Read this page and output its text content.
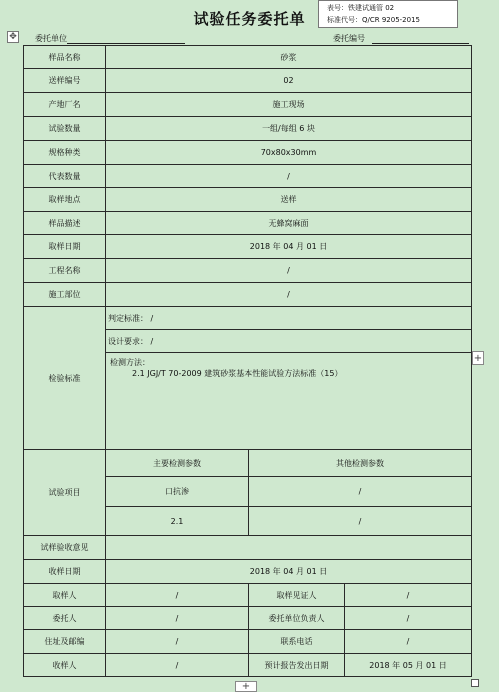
试验任务委托单
表号：铁建试通管 02
标准代号：Q/CR 9205-2015
✥ 委托单位	委托编号
样品名称	砂浆		
送样编号	02		
产地厂名	施工现场		
试验数量	一组/每组 6 块		
规格种类	70x80x30mm		
代表数量	/		
取样地点	送样		
样品描述	无蜂窝麻面		
取样日期	2018 年 04 月 01 日		
工程名称	/		
施工部位	/		
检验标准	判定标准： /		
	设计要求： /		

	检测方法：
2.1 JGJ/T 70-2009 建筑砂浆基本性能试验方法标准（15）		

试验项目	主要检测参数	其他检测参数	
	口抗渗	/	
	2.1	/	
试样验收意见			
收样日期	2018 年 04 月 01 日		
取样人	/	取样见证人	/
委托人	/	委托单位负责人	/
住址及邮编	/	联系电话	/
收样人	/	预计报告发出日期	2018 年 05 月 01 日
+
+
